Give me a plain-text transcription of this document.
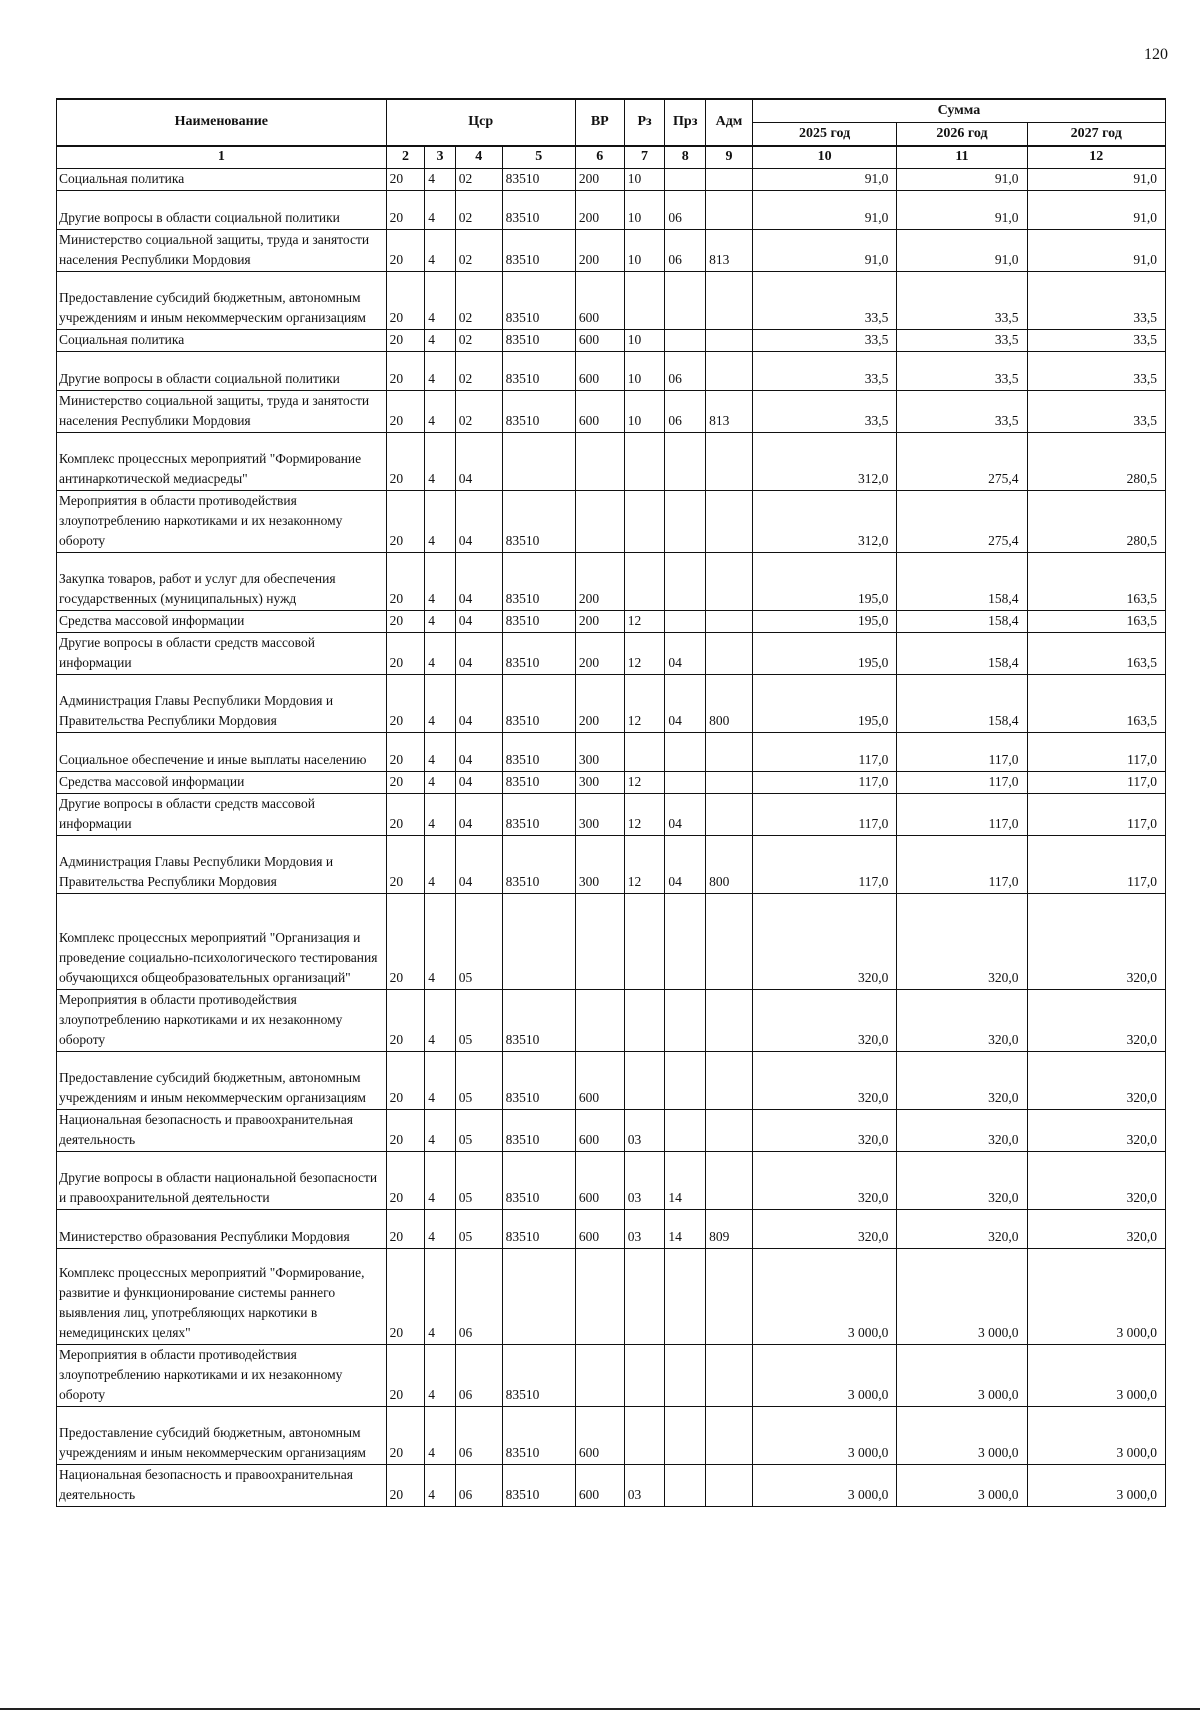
120
Наименование	Цср				ВР	Рз	Прз	Адм	Сумма		
									2025 год	2026 год	2027 год
1	2	3	4	5	6	7	8	9	10	11	12
Социальная политика	20	4	02	83510	200	10			91,0	91,0	91,0
Другие вопросы в области социальной политики	20	4	02	83510	200	10	06		91,0	91,0	91,0
Министерство социальной защиты, труда и занятости населения Республики Мордовия	20	4	02	83510	200	10	06	813	91,0	91,0	91,0
Предоставление субсидий бюджетным, автономным учреждениям и иным некоммерческим организациям	20	4	02	83510	600				33,5	33,5	33,5
Социальная политика	20	4	02	83510	600	10			33,5	33,5	33,5
Другие вопросы в области социальной политики	20	4	02	83510	600	10	06		33,5	33,5	33,5
Министерство социальной защиты, труда и занятости населения Республики Мордовия	20	4	02	83510	600	10	06	813	33,5	33,5	33,5
Комплекс процессных мероприятий "Формирование антинаркотической медиасреды"	20	4	04						312,0	275,4	280,5
Мероприятия в области противодействия злоупотреблению наркотиками и их незаконному обороту	20	4	04	83510					312,0	275,4	280,5
Закупка товаров, работ и услуг для обеспечения государственных (муниципальных) нужд	20	4	04	83510	200				195,0	158,4	163,5
Средства массовой информации	20	4	04	83510	200	12			195,0	158,4	163,5
Другие вопросы в области средств массовой информации	20	4	04	83510	200	12	04		195,0	158,4	163,5
Администрация Главы Республики Мордовия и Правительства Республики Мордовия	20	4	04	83510	200	12	04	800	195,0	158,4	163,5
Социальное обеспечение и иные выплаты населению	20	4	04	83510	300				117,0	117,0	117,0
Средства массовой информации	20	4	04	83510	300	12			117,0	117,0	117,0
Другие вопросы в области средств массовой информации	20	4	04	83510	300	12	04		117,0	117,0	117,0
Администрация Главы Республики Мордовия и Правительства Республики Мордовия	20	4	04	83510	300	12	04	800	117,0	117,0	117,0
Комплекс процессных мероприятий "Организация и проведение социально-психологического тестирования обучающихся общеобразовательных организаций"	20	4	05						320,0	320,0	320,0
Мероприятия в области противодействия злоупотреблению наркотиками и их незаконному обороту	20	4	05	83510					320,0	320,0	320,0
Предоставление субсидий бюджетным, автономным учреждениям и иным некоммерческим организациям	20	4	05	83510	600				320,0	320,0	320,0
Национальная безопасность и правоохранительная деятельность	20	4	05	83510	600	03			320,0	320,0	320,0
Другие вопросы в области национальной безопасности и правоохранительной деятельности	20	4	05	83510	600	03	14		320,0	320,0	320,0
Министерство образования Республики Мордовия	20	4	05	83510	600	03	14	809	320,0	320,0	320,0
Комплекс процессных мероприятий "Формирование, развитие и функционирование системы раннего выявления лиц, употребляющих наркотики в немедицинских целях"	20	4	06						3 000,0	3 000,0	3 000,0
Мероприятия в области противодействия злоупотреблению наркотиками и их незаконному обороту	20	4	06	83510					3 000,0	3 000,0	3 000,0
Предоставление субсидий бюджетным, автономным учреждениям и иным некоммерческим организациям	20	4	06	83510	600				3 000,0	3 000,0	3 000,0
Национальная безопасность и правоохранительная деятельность	20	4	06	83510	600	03			3 000,0	3 000,0	3 000,0
